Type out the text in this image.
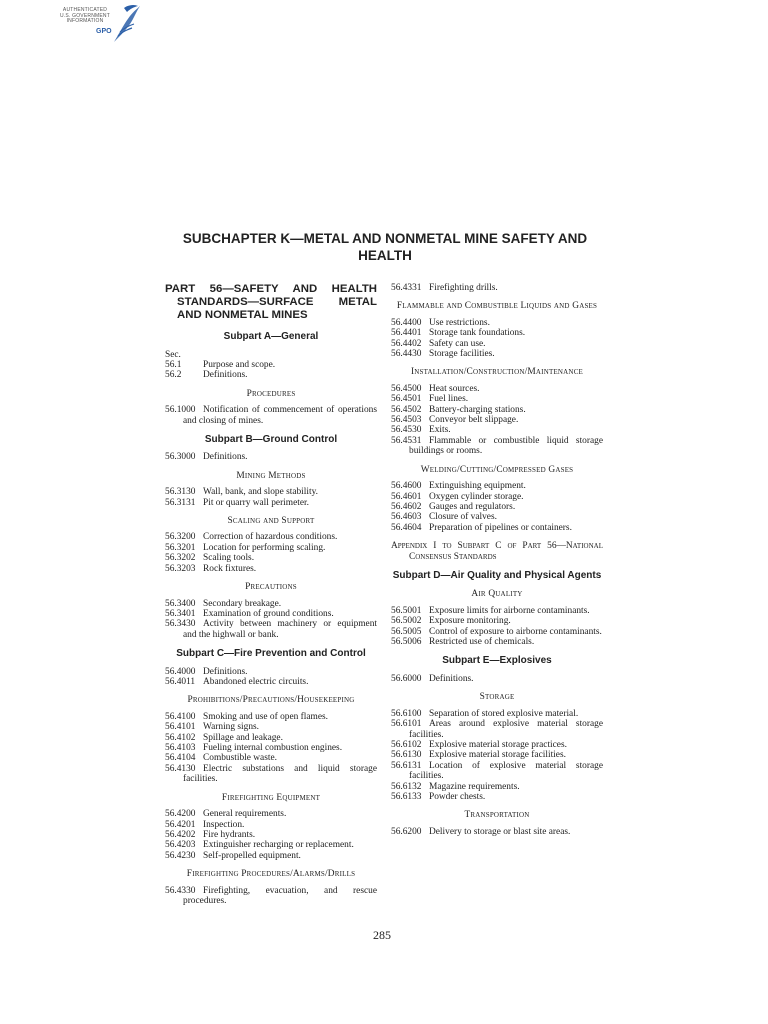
AUTHENTICATED
U.S. GOVERNMENT
INFORMATION
GPO
SUBCHAPTER K—METAL AND NONMETAL MINE SAFETY AND HEALTH
PART 56—SAFETY AND HEALTH
STANDARDS—SURFACE METAL
AND NONMETAL MINES
Subpart A—General
Sec.
56.1 Purpose and scope.
56.2 Definitions.
Procedures
56.1000 Notification of commencement of operations and closing of mines.
Subpart B—Ground Control
56.3000 Definitions.
Mining Methods
56.3130 Wall, bank, and slope stability.
56.3131 Pit or quarry wall perimeter.
Scaling and Support
56.3200 Correction of hazardous conditions.
56.3201 Location for performing scaling.
56.3202 Scaling tools.
56.3203 Rock fixtures.
Precautions
56.3400 Secondary breakage.
56.3401 Examination of ground conditions.
56.3430 Activity between machinery or equipment and the highwall or bank.
Subpart C—Fire Prevention and Control
56.4000 Definitions.
56.4011 Abandoned electric circuits.
Prohibitions/Precautions/Housekeeping
56.4100 Smoking and use of open flames.
56.4101 Warning signs.
56.4102 Spillage and leakage.
56.4103 Fueling internal combustion engines.
56.4104 Combustible waste.
56.4130 Electric substations and liquid storage facilities.
Firefighting Equipment
56.4200 General requirements.
56.4201 Inspection.
56.4202 Fire hydrants.
56.4203 Extinguisher recharging or replacement.
56.4230 Self-propelled equipment.
Firefighting Procedures/Alarms/Drills
56.4330 Firefighting, evacuation, and rescue procedures.
56.4331 Firefighting drills.
Flammable and Combustible Liquids and Gases
56.4400 Use restrictions.
56.4401 Storage tank foundations.
56.4402 Safety can use.
56.4430 Storage facilities.
Installation/Construction/Maintenance
56.4500 Heat sources.
56.4501 Fuel lines.
56.4502 Battery-charging stations.
56.4503 Conveyor belt slippage.
56.4530 Exits.
56.4531 Flammable or combustible liquid storage buildings or rooms.
Welding/Cutting/Compressed Gases
56.4600 Extinguishing equipment.
56.4601 Oxygen cylinder storage.
56.4602 Gauges and regulators.
56.4603 Closure of valves.
56.4604 Preparation of pipelines or containers.
Appendix I to Subpart C of Part 56—National Consensus Standards
Subpart D—Air Quality and Physical Agents
Air Quality
56.5001 Exposure limits for airborne contaminants.
56.5002 Exposure monitoring.
56.5005 Control of exposure to airborne contaminants.
56.5006 Restricted use of chemicals.
Subpart E—Explosives
56.6000 Definitions.
Storage
56.6100 Separation of stored explosive material.
56.6101 Areas around explosive material storage facilities.
56.6102 Explosive material storage practices.
56.6130 Explosive material storage facilities.
56.6131 Location of explosive material storage facilities.
56.6132 Magazine requirements.
56.6133 Powder chests.
Transportation
56.6200 Delivery to storage or blast site areas.
285
